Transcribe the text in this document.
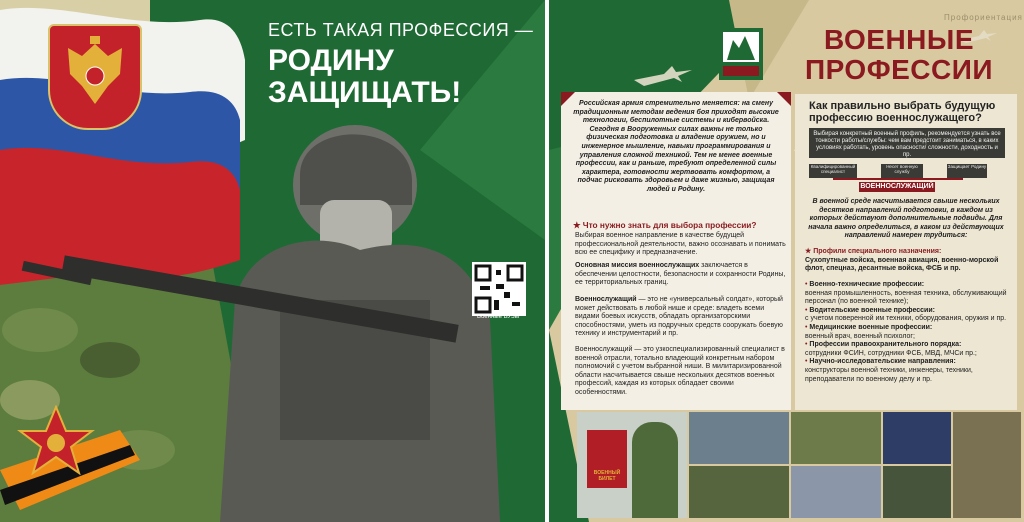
ЕСТЬ ТАКАЯ ПРОФЕССИЯ —
РОДИНУ
ЗАЩИЩАТЬ!
Военные ВУЗы
Профориентация
ВОЕННЫЕ
ПРОФЕССИИ
Российская армия стремительно меняется: на смену традиционным методам ведения боя приходят высокие технологии, беспилотные системы и кибервойска. Сегодня в Вооруженных силах важны не только физическая подготовка и владение оружием, но и инженерное мышление, навыки программирования и управления сложной техникой. Тем не менее военные профессии, как и раньше, требуют определенной силы характера, готовности жертвовать комфортом, а подчас рисковать здоровьем и даже жизнью, защищая людей и Родину.
★ Что нужно знать для выбора профессии?
Выбирая военное направление в качестве будущей профессиональной деятельности, важно осознавать и понимать всю ее специфику и предназначение.
Основная миссия военнослужащих заключается в обеспечении целостности, безопасности и сохранности Родины, ее территориальных границ.
Военнослужащий — это не «универсальный солдат», который может действовать в любой нише и среде: владеть всеми видами боевых искусств, обладать организаторскими способностями, уметь из подручных средств сооружать боевую технику и инструментарий и пр.
Военнослужащий — это узкоспециализированный специалист в военной отрасли, тотально владеющий конкретным набором полномочий с учетом выбранной ниши. В милитаризированной области насчитывается свыше нескольких десятков военных профессий, каждая из которых обладает своими особенностями.
Как правильно выбрать будущую профессию военнослужащего?
Выбирая конкретный военный профиль, рекомендуется узнать все тонкости работы/службы: чем вам предстоит заниматься, в каких условиях работать, уровень опасности/ сложности, доходность и пр.
Квалифицированный специалист
Несет военную службу
Защищает Родину
ВОЕННОСЛУЖАЩИЙ
В военной среде насчитывается свыше нескольких десятков направлений подготовки, в каждом из которых действуют дополнительные подвиды. Для начала важно определиться, в каком из действующих направлений намерен трудиться:
★ Профили специального назначения:
Сухопутные войска, военная авиация, военно-морской флот, спецназ, десантные войска, ФСБ и пр.
• Военно-технические профессии:
военная промышленность, военная техника, обслуживающий персонал (по военной технике);
• Водительские военные профессии:
с учетом поверенной им техники, оборудования, оружия и пр.
• Медицинские военные профессии:
военный врач, военный психолог;
• Профессии правоохранительного порядка:
сотрудники ФСИН, сотрудники ФСБ, МВД, МЧСи пр.;
• Научно-исследовательские направления:
конструкторы военной техники, инженеры, техники, преподаватели по военному делу и пр.
ВОЕННЫЙ БИЛЕТ
